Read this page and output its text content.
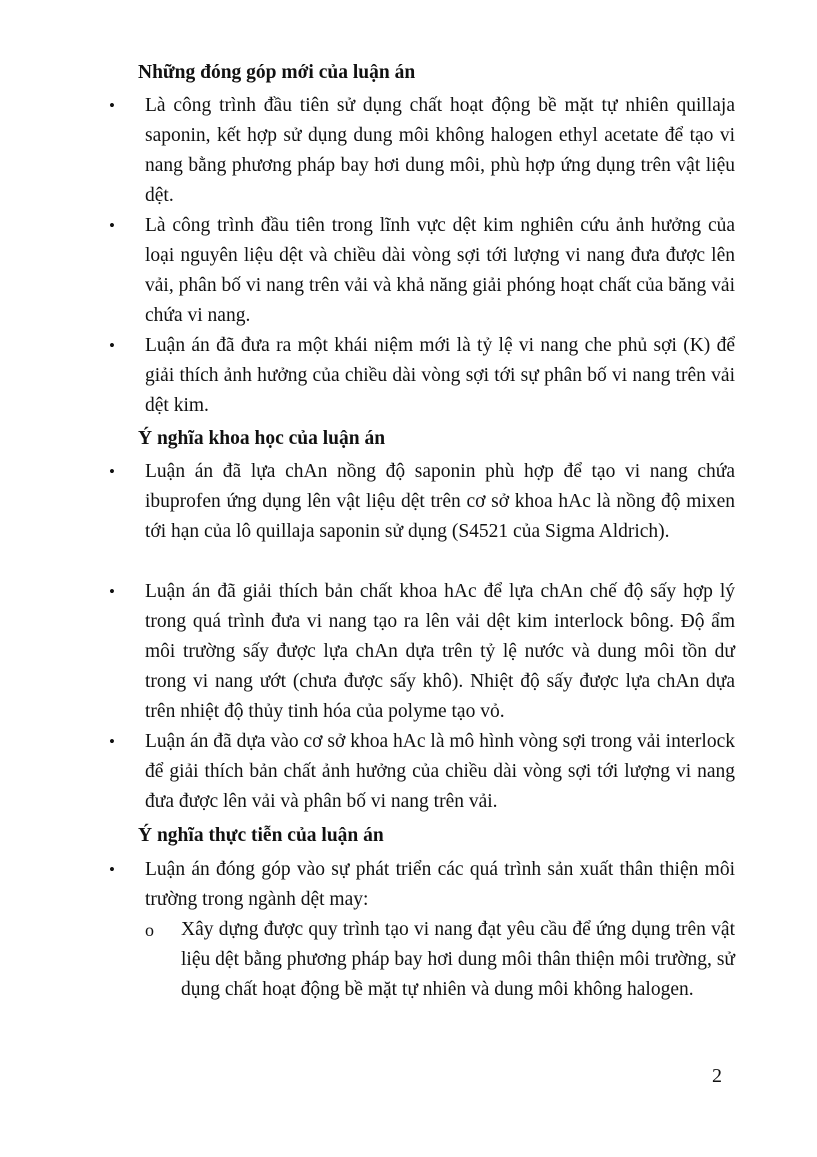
Những đóng góp mới của luận án
• Là công trình đầu tiên sử dụng chất hoạt động bề mặt tự nhiên quillaja saponin, kết hợp sử dụng dung môi không halogen ethyl acetate để tạo vi nang bằng phương pháp bay hơi dung môi, phù hợp ứng dụng trên vật liệu dệt.
• Là công trình đầu tiên trong lĩnh vực dệt kim nghiên cứu ảnh hưởng của loại nguyên liệu dệt và chiều dài vòng sợi tới lượng vi nang đưa được lên vải, phân bố vi nang trên vải và khả năng giải phóng hoạt chất của băng vải chứa vi nang.
• Luận án đã đưa ra một khái niệm mới là tỷ lệ vi nang che phủ sợi (K) để giải thích ảnh hưởng của chiều dài vòng sợi tới sự phân bố vi nang trên vải dệt kim.
Ý nghĩa khoa học của luận án
• Luận án đã lựa chAn nồng độ saponin phù hợp để tạo vi nang chứa ibuprofen ứng dụng lên vật liệu dệt trên cơ sở khoa hAc là nồng độ mixen tới hạn của lô quillaja saponin sử dụng (S4521 của Sigma Aldrich).
• Luận án đã giải thích bản chất khoa hAc để lựa chAn chế độ sấy hợp lý trong quá trình đưa vi nang tạo ra lên vải dệt kim interlock bông. Độ ẩm môi trường sấy được lựa chAn dựa trên tỷ lệ nước và dung môi tồn dư trong vi nang ướt (chưa được sấy khô). Nhiệt độ sấy được lựa chAn dựa trên nhiệt độ thủy tinh hóa của polyme tạo vỏ.
• Luận án đã dựa vào cơ sở khoa hAc là mô hình vòng sợi trong vải interlock để giải thích bản chất ảnh hưởng của chiều dài vòng sợi tới lượng vi nang đưa được lên vải và phân bố vi nang trên vải.
Ý nghĩa thực tiễn của luận án
• Luận án đóng góp vào sự phát triển các quá trình sản xuất thân thiện môi trường trong ngành dệt may:
o Xây dựng được quy trình tạo vi nang đạt yêu cầu để ứng dụng trên vật liệu dệt bằng phương pháp bay hơi dung môi thân thiện môi trường, sử dụng chất hoạt động bề mặt tự nhiên và dung môi không halogen.
2
